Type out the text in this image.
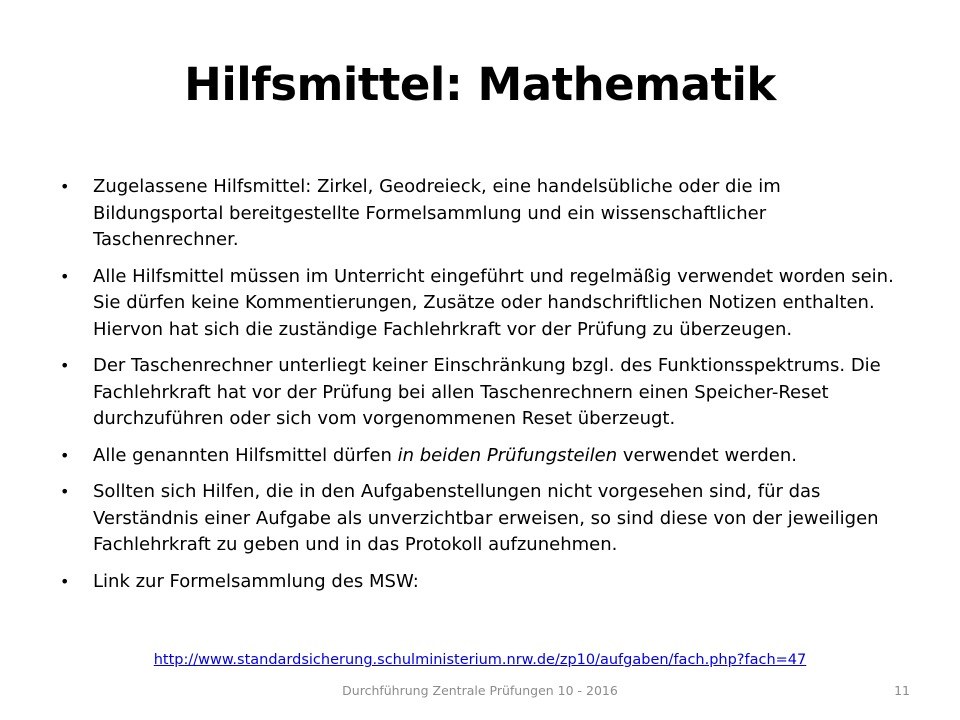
Hilfsmittel: Mathematik
• Zugelassene Hilfsmittel: Zirkel, Geodreieck, eine handelsübliche oder die im Bildungsportal bereitgestellte Formelsammlung und ein wissenschaftlicher Taschenrechner.
• Alle Hilfsmittel müssen im Unterricht eingeführt und regelmäßig verwendet worden sein. Sie dürfen keine Kommentierungen, Zusätze oder handschriftlichen Notizen enthalten. Hiervon hat sich die zuständige Fachlehrkraft vor der Prüfung zu überzeugen.
• Der Taschenrechner unterliegt keiner Einschränkung bzgl. des Funktionsspektrums. Die Fachlehrkraft hat vor der Prüfung bei allen Taschenrechnern einen Speicher-Reset durchzuführen oder sich vom vorgenommenen Reset überzeugt.
• Alle genannten Hilfsmittel dürfen in beiden Prüfungsteilen verwendet werden.
• Sollten sich Hilfen, die in den Aufgabenstellungen nicht vorgesehen sind, für das Verständnis einer Aufgabe als unverzichtbar erweisen, so sind diese von der jeweiligen Fachlehrkraft zu geben und in das Protokoll aufzunehmen.
• Link zur Formelsammlung des MSW:
http://www.standardsicherung.schulministerium.nrw.de/zp10/aufgaben/fach.php?fach=47
Durchführung Zentrale Prüfungen 10 - 2016	11
